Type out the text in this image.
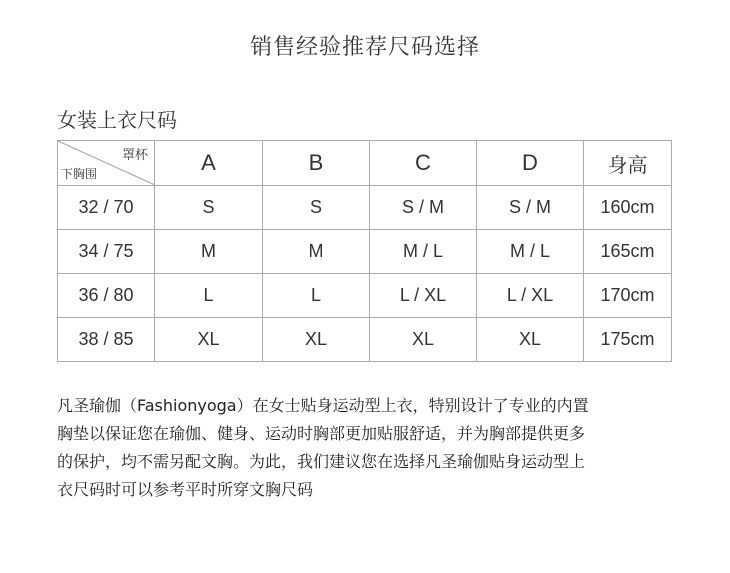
销售经验推荐尺码选择
女装上衣尺码
罩杯
下胸围	A	B	C	D	身高
32 / 70	S	S	S / M	S / M	160cm
34 / 75	M	M	M / L	M / L	165cm
36 / 80	L	L	L / XL	L / XL	170cm
38 / 85	XL	XL	XL	XL	175cm
凡圣瑜伽（Fashionyoga）在女士贴身运动型上衣，特别设计了专业的内置
胸垫以保证您在瑜伽、健身、运动时胸部更加贴服舒适，并为胸部提供更多
的保护，均不需另配文胸。为此，我们建议您在选择凡圣瑜伽贴身运动型上
衣尺码时可以参考平时所穿文胸尺码
